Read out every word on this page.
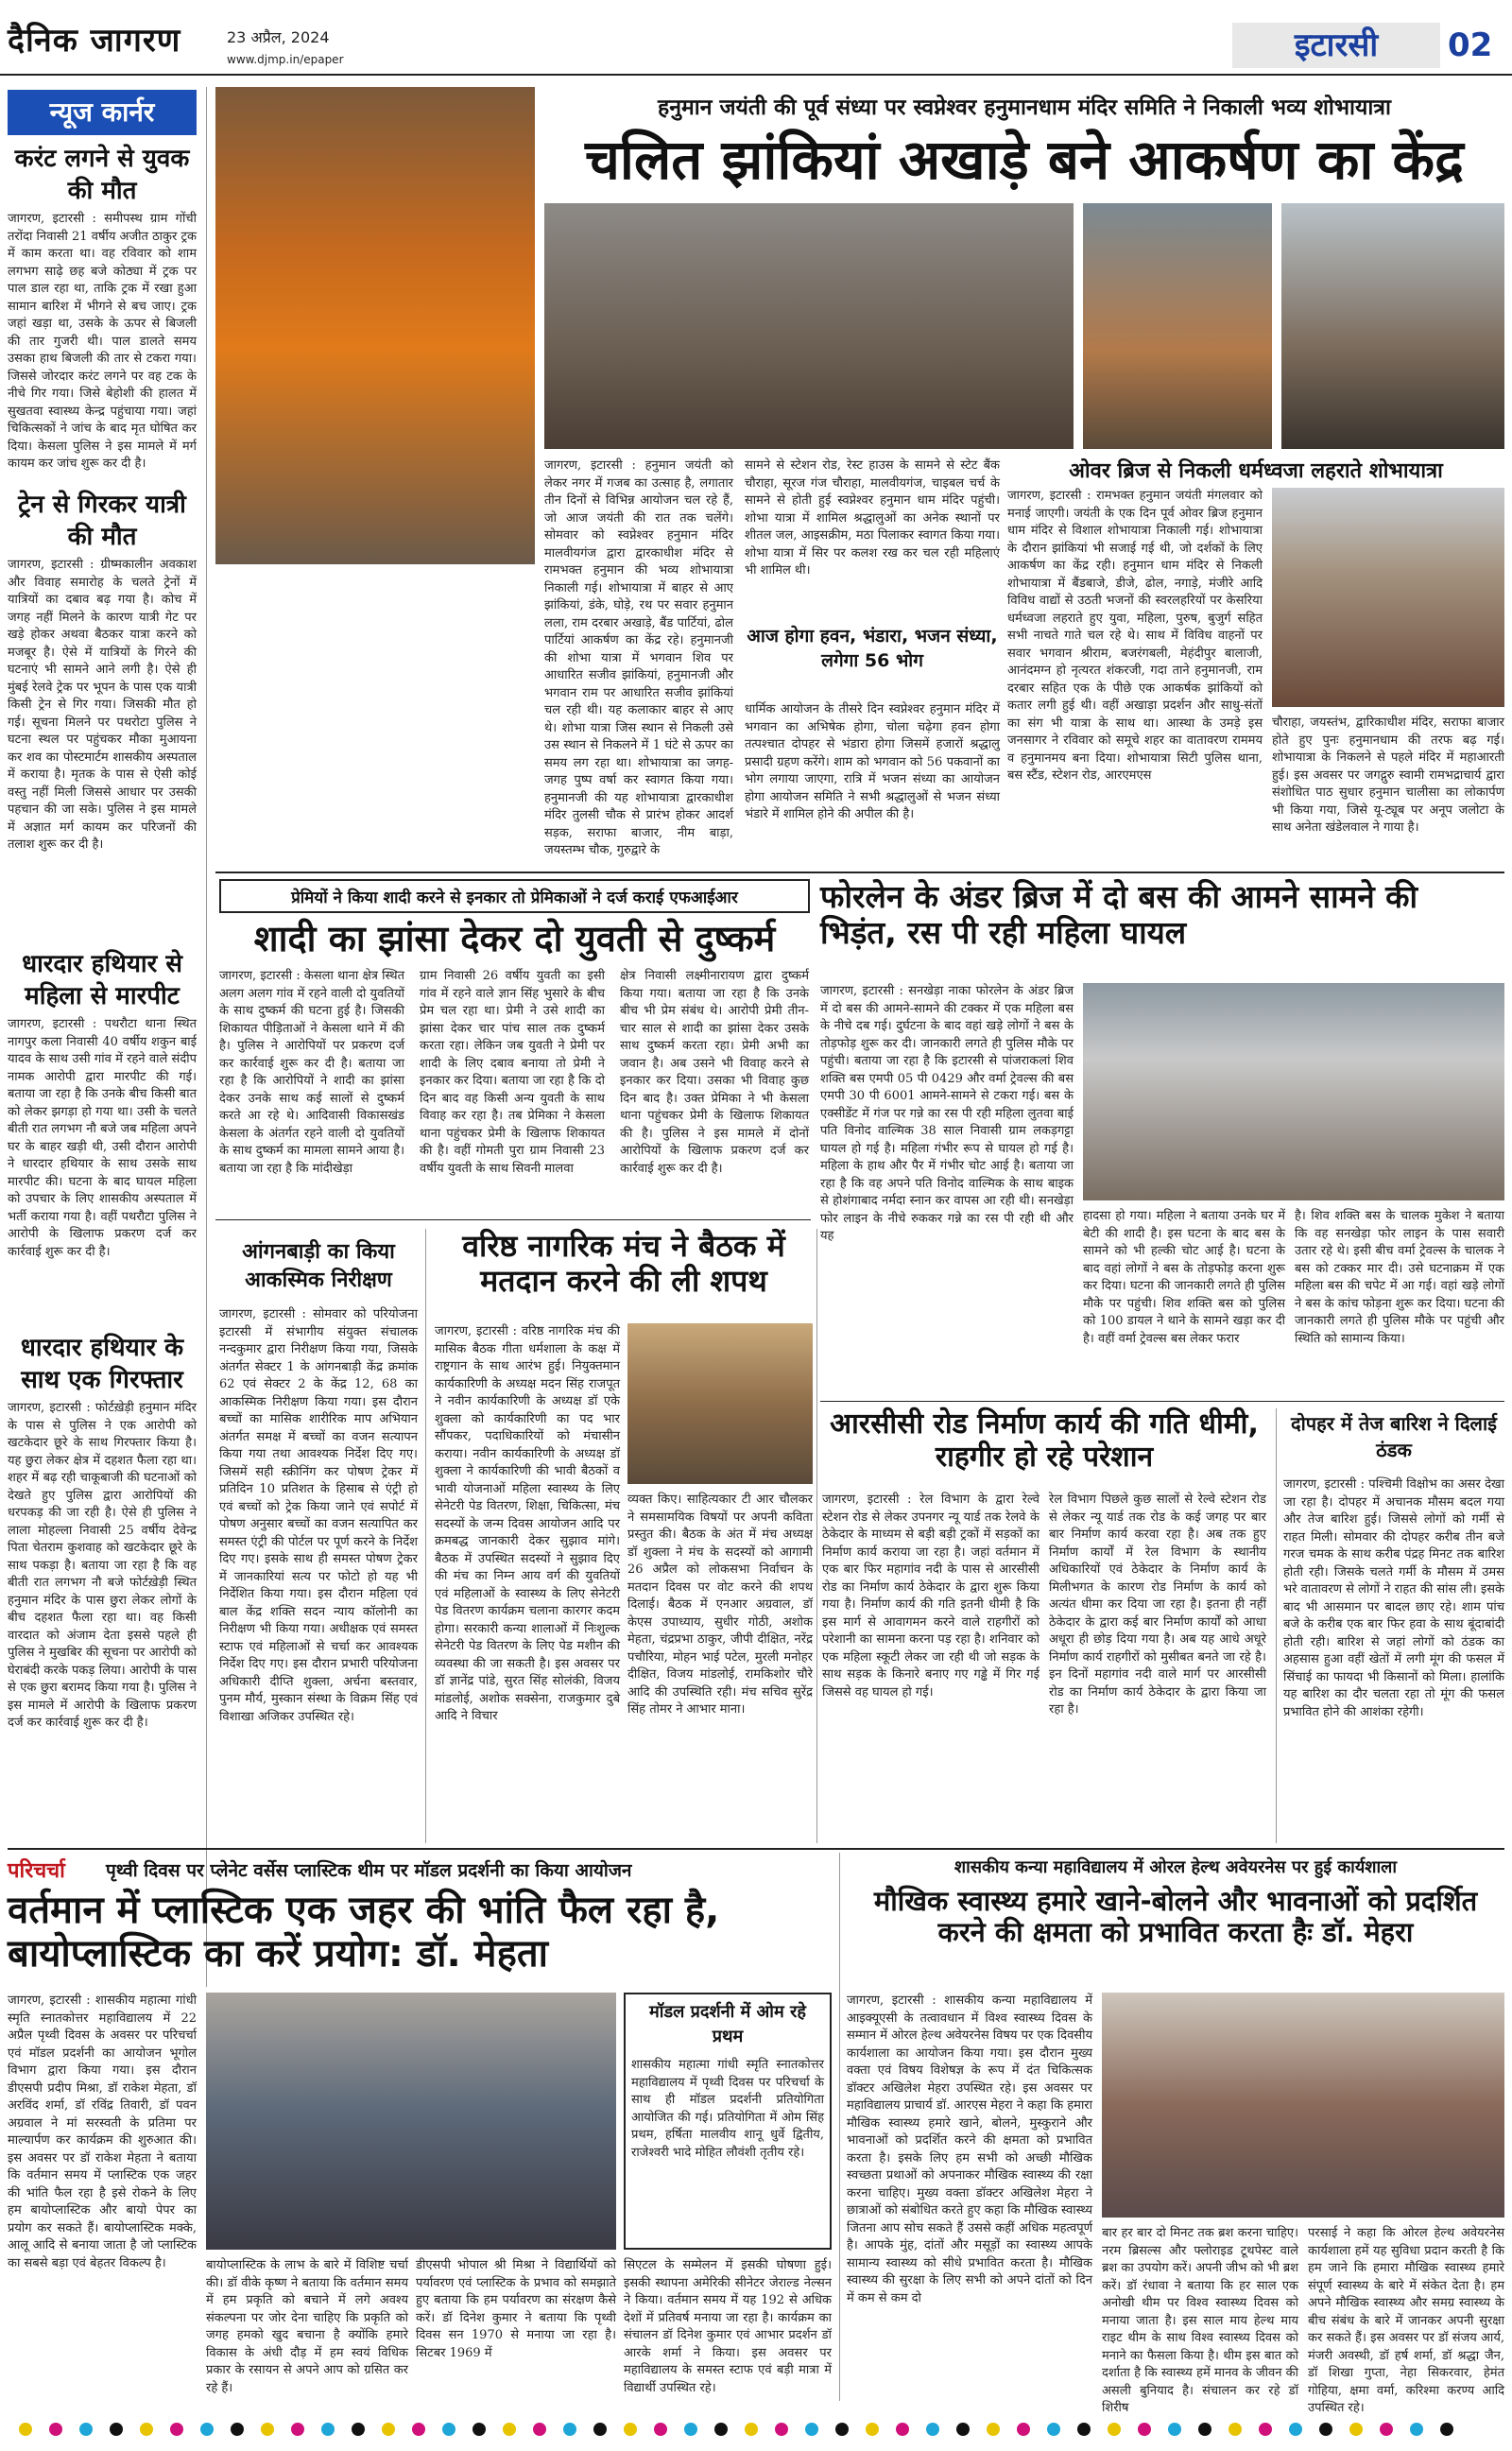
दैनिक जागरण	23 अप्रैल, 2024
www.djmp.in/epaper	इटारसी	02
न्यूज कार्नर
करंट लगने से युवक की मौत
जागरण, इटारसी : समीपस्थ ग्राम गोंची तरोंदा निवासी 21 वर्षीय अजीत ठाकुर ट्रक में काम करता था। वह रविवार को शाम लगभग साढ़े छह बजे कोठ्या में ट्रक पर पाल डाल रहा था, ताकि ट्रक में रखा हुआ सामान बारिश में भीगने से बच जाए। ट्रक जहां खड़ा था, उसके के ऊपर से बिजली की तार गुजरी थी। पाल डालते समय उसका हाथ बिजली की तार से टकरा गया। जिससे जोरदार करंट लगने पर वह टक के नीचे गिर गया। जिसे बेहोशी की हालत में सुखतवा स्वास्थ्य केन्द्र पहुंचाया गया। जहां चिकित्सकों ने जांच के बाद मृत घोषित कर दिया। केसला पुलिस ने इस मामले में मर्ग कायम कर जांच शुरू कर दी है।
ट्रेन से गिरकर यात्री की मौत
जागरण, इटारसी : ग्रीष्मकालीन अवकाश और विवाह समारोह के चलते ट्रेनों में यात्रियों का दबाव बढ़ गया है। कोच में जगह नहीं मिलने के कारण यात्री गेट पर खड़े होकर अथवा बैठकर यात्रा करने को मजबूर है। ऐसे में यात्रियों के गिरने की घटनाएं भी सामने आने लगी है। ऐसे ही मुंबई रेलवे ट्रेक पर भूपन के पास एक यात्री किसी ट्रेन से गिर गया। जिसकी मौत हो गई। सूचना मिलने पर पथरोटा पुलिस ने घटना स्थल पर पहुंचकर मौका मुआयना कर शव का पोस्टमार्टम शासकीय अस्पताल में कराया है। मृतक के पास से ऐसी कोई वस्तु नहीं मिली जिससे आधार पर उसकी पहचान की जा सके। पुलिस ने इस मामले में अज्ञात मर्ग कायम कर परिजनों की तलाश शुरू कर दी है।
धारदार हथियार से महिला से मारपीट
जागरण, इटारसी : पथरौटा थाना स्थित नागपुर कला निवासी 40 वर्षीय शकुन बाई यादव के साथ उसी गांव में रहने वाले संदीप नामक आरोपी द्वारा मारपीट की गई। बताया जा रहा है कि उनके बीच किसी बात को लेकर झगड़ा हो गया था। उसी के चलते बीती रात लगभग नौ बजे जब महिला अपने घर के बाहर खड़ी थी, उसी दौरान आरोपी ने धारदार हथियार के साथ उसके साथ मारपीट की। घटना के बाद घायल महिला को उपचार के लिए शासकीय अस्पताल में भर्ती कराया गया है। वहीं पथरौटा पुलिस ने आरोपी के खिलाफ प्रकरण दर्ज कर कार्रवाई शुरू कर दी है।
धारदार हथियार के साथ एक गिरफ्तार
जागरण, इटारसी : फोर्टख़ेड़ी हनुमान मंदिर के पास से पुलिस ने एक आरोपी को खटकेदार छूरे के साथ गिरफ्तार किया है। यह छुरा लेकर क्षेत्र में दहशत फैला रहा था। शहर में बढ़ रही चाकूबाजी की घटनाओं को देखते हुए पुलिस द्वारा आरोपियों की धरपकड़ की जा रही है। ऐसे ही पुलिस ने लाला मोहल्ला निवासी 25 वर्षीय देवेन्द्र पिता चेतराम कुशवाह को खटकेदार छूरे के साथ पकड़ा है। बताया जा रहा है कि वह बीती रात लगभग नौ बजे फोर्टख़ेड़ी स्थित हनुमान मंदिर के पास छुरा लेकर लोगों के बीच दहशत फैला रहा था। वह किसी वारदात को अंजाम देता इससे पहले ही पुलिस ने मुखबिर की सूचना पर आरोपी को घेराबंदी करके पकड़ लिया। आरोपी के पास से एक छुरा बरामद किया गया है। पुलिस ने इस मामले में आरोपी के खिलाफ प्रकरण दर्ज कर कार्रवाई शुरू कर दी है।
हनुमान जयंती की पूर्व संध्या पर स्वप्नेश्वर हनुमानधाम मंदिर समिति ने निकाली भव्य शोभायात्रा
चलित झांकियां अखाड़े बने आकर्षण का केंद्र
जागरण, इटारसी : हनुमान जयंती को लेकर नगर में गजब का उत्साह है, लगातार तीन दिनों से विभिन्न आयोजन चल रहे हैं, जो आज जयंती की रात तक चलेंगे। सोमवार को स्वप्नेश्वर हनुमान मंदिर मालवीयगंज द्वारा द्वारकाधीश मंदिर से रामभक्त हनुमान की भव्य शोभायात्रा निकाली गई। शोभायात्रा में बाहर से आए झांकियां, डंके, घोड़े, रथ पर सवार हनुमान लला, राम दरबार अखाड़े, बैंड पार्टियां, ढोल पार्टियां आकर्षण का केंद्र रहे। हनुमानजी की शोभा यात्रा में भगवान शिव पर आधारित सजीव झांकियां, हनुमानजी और भगवान राम पर आधारित सजीव झांकियां चल रही थी। यह कलाकार बाहर से आए थे। शोभा यात्रा जिस स्थान से निकली उसे उस स्थान से निकलने में 1 घंटे से ऊपर का समय लग रहा था। शोभायात्रा का जगह-जगह पुष्प वर्षा कर स्वागत किया गया। हनुमानजी की यह शोभायात्रा द्वारकाधीश मंदिर तुलसी चौक से प्रारंभ होकर आदर्श सड़क, सराफा बाजार, नीम बाड़ा, जयस्तम्भ चौक, गुरुद्वारे के
सामने से स्टेशन रोड, रेस्ट हाउस के सामने से स्टेट बैंक चौराहा, सूरज गंज चौराहा, मालवीयगंज, चाइबल चर्च के सामने से होती हुई स्वप्नेश्वर हनुमान धाम मंदिर पहुंची। शोभा यात्रा में शामिल श्रद्धालुओं का अनेक स्थानों पर शीतल जल, आइसक्रीम, मठा पिलाकर स्वागत किया गया। शोभा यात्रा में सिर पर कलश रख कर चल रही महिलाएं भी शामिल थी।
आज होगा हवन, भंडारा, भजन संध्या, लगेगा 56 भोग
धार्मिक आयोजन के तीसरे दिन स्वप्नेश्वर हनुमान मंदिर में भगवान का अभिषेक होगा, चोला चढ़ेगा हवन होगा तत्पश्चात दोपहर से भंडारा होगा जिसमें हजारों श्रद्धालु प्रसादी ग्रहण करेंगे। शाम को भगवान को 56 पकवानों का भोग लगाया जाएगा, रात्रि में भजन संध्या का आयोजन होगा आयोजन समिति ने सभी श्रद्धालुओं से भजन संध्या भंडारे में शामिल होने की अपील की है।
ओवर ब्रिज से निकली धर्मध्वजा लहराते शोभायात्रा
जागरण, इटारसी : रामभक्त हनुमान जयंती मंगलवार को मनाई जाएगी। जयंती के एक दिन पूर्व ओवर ब्रिज हनुमान धाम मंदिर से विशाल शोभायात्रा निकाली गई। शोभायात्रा के दौरान झांकियां भी सजाई गई थी, जो दर्शकों के लिए आकर्षण का केंद्र रही। हनुमान धाम मंदिर से निकली शोभायात्रा में बैंडबाजे, डीजे, ढोल, नगाड़े, मंजीरे आदि विविध वाद्यों से उठती भजनों की स्वरलहरियों पर केसरिया धर्मध्वजा लहराते हुए युवा, महिला, पुरुष, बुजुर्ग सहित सभी नाचते गाते चल रहे थे। साथ में विविध वाहनों पर सवार भगवान श्रीराम, बजरंगबली, मेहंदीपुर बालाजी, आनंदमग्न हो नृत्यरत शंकरजी, गदा ताने हनुमानजी, राम दरबार सहित एक के पीछे एक आकर्षक झांकियों को कतार लगी हुई थी। वहीं अखाड़ा प्रदर्शन और साधु-संतों का संग भी यात्रा के साथ था। आस्था के उमड़े इस जनसागर ने रविवार को समूचे शहर का वातावरण राममय व हनुमानमय बना दिया। शोभायात्रा सिटी पुलिस थाना, बस स्टैंड, स्टेशन रोड, आरएमएस
चौराहा, जयस्तंभ, द्वारिकाधीश मंदिर, सराफा बाजार होते हुए पुनः हनुमानधाम की तरफ बढ़ गई। शोभायात्रा के निकलने से पहले मंदिर में महाआरती हुई। इस अवसर पर जगद्गुरु स्वामी रामभद्राचार्य द्वारा संशोधित पाठ सुधार हनुमान चालीसा का लोकार्पण भी किया गया, जिसे यू-ट्यूब पर अनूप जलोटा के साथ अनेता खंडेलवाल ने गाया है।
प्रेमियों ने किया शादी करने से इनकार तो प्रेमिकाओं ने दर्ज कराई एफआईआर
शादी का झांसा देकर दो युवती से दुष्कर्म
जागरण, इटारसी : केसला थाना क्षेत्र स्थित अलग अलग गांव में रहने वाली दो युवतियों के साथ दुष्कर्म की घटना हुई है। जिसकी शिकायत पीड़िताओं ने केसला थाने में की है। पुलिस ने आरोपियों पर प्रकरण दर्ज कर कार्रवाई शुरू कर दी है। बताया जा रहा है कि आरोपियों ने शादी का झांसा देकर उनके साथ कई सालों से दुष्कर्म करते आ रहे थे। आदिवासी विकासखंड केसला के अंतर्गत रहने वाली दो युवतियों के साथ दुष्कर्म का मामला सामने आया है। बताया जा रहा है कि मांदीखेड़ा
ग्राम निवासी 26 वर्षीय युवती का इसी गांव में रहने वाले ज्ञान सिंह भुसारे के बीच प्रेम चल रहा था। प्रेमी ने उसे शादी का झांसा देकर चार पांच साल तक दुष्कर्म करता रहा। लेकिन जब युवती ने प्रेमी पर शादी के लिए दबाव बनाया तो प्रेमी ने इनकार कर दिया। बताया जा रहा है कि दो दिन बाद वह किसी अन्य युवती के साथ विवाह कर रहा है। तब प्रेमिका ने केसला थाना पहुंचकर प्रेमी के खिलाफ शिकायत की है। वहीं गोमती पुरा ग्राम निवासी 23 वर्षीय युवती के साथ सिवनी मालवा
क्षेत्र निवासी लक्ष्मीनारायण द्वारा दुष्कर्म किया गया। बताया जा रहा है कि उनके बीच भी प्रेम संबंध थे। आरोपी प्रेमी तीन-चार साल से शादी का झांसा देकर उसके साथ दुष्कर्म करता रहा। प्रेमी अभी का जवान है। अब उसने भी विवाह करने से इनकार कर दिया। उसका भी विवाह कुछ दिन बाद है। उक्त प्रेमिका ने भी केसला थाना पहुंचकर प्रेमी के खिलाफ शिकायत की है। पुलिस ने इस मामले में दोनों आरोपियों के खिलाफ प्रकरण दर्ज कर कार्रवाई शुरू कर दी है।
फोरलेन के अंडर ब्रिज में दो बस की आमने सामने की भिड़ंत, रस पी रही महिला घायल
जागरण, इटारसी : सनखेड़ा नाका फोरलेन के अंडर ब्रिज में दो बस की आमने-सामने की टक्कर में एक महिला बस के नीचे दब गई। दुर्घटना के बाद वहां खड़े लोगों ने बस के तोड़फोड़ शुरू कर दी। जानकारी लगते ही पुलिस मौके पर पहुंची। बताया जा रहा है कि इटारसी से पांजराकलां शिव शक्ति बस एमपी 05 पी 0429 और वर्मा ट्रेवल्स की बस एमपी 30 पी 6001 आमने-सामने से टकरा गई। बस के एक्सीडेंट में गंज पर गन्ने का रस पी रही महिला लुतवा बाई पति विनोद वाल्मिक 38 साल निवासी ग्राम लकड़गट्टा घायल हो गई है। महिला गंभीर रूप से घायल हो गई है। महिला के हाथ और पैर में गंभीर चोट आई है। बताया जा रहा है कि वह अपने पति विनोद वाल्मिक के साथ बाइक से होशंगाबाद नर्मदा स्नान कर वापस आ रही थी। सनखेड़ा फोर लाइन के नीचे रुककर गन्ने का रस पी रही थी और यह
हादसा हो गया। महिला ने बताया उनके घर में बेटी की शादी है। इस घटना के बाद बस के सामने को भी हल्की चोट आई है। घटना के बाद वहां लोगों ने बस के तोड़फोड़ करना शुरू कर दिया। घटना की जानकारी लगते ही पुलिस मौके पर पहुंची। शिव शक्ति बस को पुलिस को 100 डायल ने थाने के सामने खड़ा कर दी है। वहीं वर्मा ट्रेवल्स बस लेकर फरार
है। शिव शक्ति बस के चालक मुकेश ने बताया कि वह सनखेड़ा फोर लाइन के पास सवारी उतार रहे थे। इसी बीच वर्मा ट्रेवल्स के चालक ने बस को टक्कर मार दी। उसे घटनाक्रम में एक महिला बस की चपेट में आ गई। वहां खड़े लोगों ने बस के कांच फोड़ना शुरू कर दिया। घटना की जानकारी लगते ही पुलिस मौके पर पहुंची और स्थिति को सामान्य किया।
आंगनबाड़ी का किया आकस्मिक निरीक्षण
जागरण, इटारसी : सोमवार को परियोजना इटारसी में संभागीय संयुक्त संचालक नन्दकुमार द्वारा निरीक्षण किया गया, जिसके अंतर्गत सेक्टर 1 के आंगनबाड़ी केंद्र क्रमांक 62 एवं सेक्टर 2 के केंद्र 12, 68 का आकस्मिक निरीक्षण किया गया। इस दौरान बच्चों का मासिक शारीरिक माप अभियान अंतर्गत समक्ष में बच्चों का वजन सत्यापन किया गया तथा आवश्यक निर्देश दिए गए। जिसमें सही स्क्रीनिंग कर पोषण ट्रेकर में प्रतिदिन 10 प्रतिशत के हिसाब से एंट्री हो एवं बच्चों को ट्रेक किया जाने एवं सपोर्ट में पोषण अनुसार बच्चों का वजन सत्यापित कर समस्त एंट्री की पोर्टल पर पूर्ण करने के निर्देश दिए गए। इसके साथ ही समस्त पोषण ट्रेकर में जानकारियां सत्य पर फोटो हो यह भी निर्देशित किया गया। इस दौरान महिला एवं बाल केंद्र शक्ति सदन न्याय कॉलोनी का निरीक्षण भी किया गया। अधीक्षक एवं समस्त स्टाफ एवं महिलाओं से चर्चा कर आवश्यक निर्देश दिए गए। इस दौरान प्रभारी परियोजना अधिकारी दीप्ति शुक्ला, अर्चना बस्तवार, पुनम मौर्य, मुस्कान संस्था के विक्रम सिंह एवं विशाखा अजिकर उपस्थित रहे।
वरिष्ठ नागरिक मंच ने बैठक में मतदान करने की ली शपथ
जागरण, इटारसी : वरिष्ठ नागरिक मंच की मासिक बैठक गीता धर्मशाला के कक्ष में राष्ट्रगान के साथ आरंभ हुई। नियुक्तमान कार्यकारिणी के अध्यक्ष मदन सिंह राजपूत ने नवीन कार्यकारिणी के अध्यक्ष डॉ एके शुक्ला को कार्यकारिणी का पद भार सौंपकर, पदाधिकारियों को मंचासीन कराया। नवीन कार्यकारिणी के अध्यक्ष डॉ शुक्ला ने कार्यकारिणी की भावी बैठकों व भावी योजनाओं महिला स्वास्थ्य के लिए सेनेटरी पेड वितरण, शिक्षा, चिकित्सा, मंच सदस्यों के जन्म दिवस आयोजन आदि पर क्रमबद्ध जानकारी देकर सुझाव मांगे। बैठक में उपस्थित सदस्यों ने सुझाव दिए की मंच का निम्न आय वर्ग की युवतियों एवं महिलाओं के स्वास्थ्य के लिए सेनेटरी पेड वितरण कार्यक्रम चलाना कारगर कदम होगा। सरकारी कन्या शालाओं में निःशुल्क सेनेटरी पेड वितरण के लिए पेड मशीन की व्यवस्था की जा सकती है। इस अवसर पर डॉ ज्ञानेंद्र पांडे, सुरत सिंह सोलंकी, विजय मांडलोई, अशोक सक्सेना, राजकुमार दुबे आदि ने विचार
व्यक्त किए। साहित्यकार टी आर चौलकर ने समसामयिक विषयों पर अपनी कविता प्रस्तुत की। बैठक के अंत में मंच अध्यक्ष डॉ शुक्ला ने मंच के सदस्यों को आगामी 26 अप्रैल को लोकसभा निर्वाचन के मतदान दिवस पर वोट करने की शपथ दिलाई। बैठक में एनआर अग्रवाल, डॉ केएस उपाध्याय, सुधीर गोठी, अशोक मेहता, चंद्रप्रभा ठाकुर, जीपी दीक्षित, नरेंद्र पचौरिया, मोहन भाई पटेल, मुरली मनोहर दीक्षित, विजय मांडलोई, रामकिशोर चौरे आदि की उपस्थिति रही। मंच सचिव सुरेंद्र सिंह तोमर ने आभार माना।
आरसीसी रोड निर्माण कार्य की गति धीमी, राहगीर हो रहे परेशान
जागरण, इटारसी : रेल विभाग के द्वारा रेल्वे स्टेशन रोड से लेकर उपनगर न्यू यार्ड तक रेलवे के ठेकेदार के माध्यम से बड़ी बड़ी ट्रकों में सड़कों का निर्माण कार्य कराया जा रहा है। जहां वर्तमान में एक बार फिर महागांव नदी के पास से आरसीसी रोड का निर्माण कार्य ठेकेदार के द्वारा शुरू किया गया है। निर्माण कार्य की गति इतनी धीमी है कि इस मार्ग से आवागमन करने वाले राहगीरों को परेशानी का सामना करना पड़ रहा है। शनिवार को एक महिला स्कूटी लेकर जा रही थी जो सड़क के साथ सड़क के किनारे बनाए गए गड्ढे में गिर गई जिससे वह घायल हो गई।
रेल विभाग पिछले कुछ सालों से रेल्वे स्टेशन रोड से लेकर न्यू यार्ड तक रोड के कई जगह पर बार बार निर्माण कार्य करवा रहा है। अब तक हुए निर्माण कार्यों में रेल विभाग के स्थानीय अधिकारियों एवं ठेकेदार के निर्माण कार्य के मिलीभगत के कारण रोड निर्माण के कार्य को अत्यंत धीमा कर दिया जा रहा है। इतना ही नहीं ठेकेदार के द्वारा कई बार निर्माण कार्यों को आधा अधूरा ही छोड़ दिया गया है। अब यह आधे अधूरे निर्माण कार्य राहगीरों को मुसीबत बनते जा रहे है। इन दिनों महागांव नदी वाले मार्ग पर आरसीसी रोड का निर्माण कार्य ठेकेदार के द्वारा किया जा रहा है।
दोपहर में तेज बारिश ने दिलाई ठंडक
जागरण, इटारसी : पश्चिमी विक्षोभ का असर देखा जा रहा है। दोपहर में अचानक मौसम बदल गया और तेज बारिश हुई। जिससे लोगों को गर्मी से राहत मिली। सोमवार की दोपहर करीब तीन बजे गरज चमक के साथ करीब पंद्रह मिनट तक बारिश होती रही। जिसके चलते गर्मी के मौसम में उमस भरे वातावरण से लोगों ने राहत की सांस ली। इसके बाद भी आसमान पर बादल छाए रहे। शाम पांच बजे के करीब एक बार फिर हवा के साथ बूंदाबांदी होती रही। बारिश से जहां लोगों को ठंडक का अहसास हुआ वहीं खेतों में लगी मूंग की फसल में सिंचाई का फायदा भी किसानों को मिला। हालांकि यह बारिश का दौर चलता रहा तो मूंग की फसल प्रभावित होने की आशंका रहेगी।
परिचर्चा पृथ्वी दिवस पर प्लेनेट वर्सेस प्लास्टिक थीम पर मॉडल प्रदर्शनी का किया आयोजन
वर्तमान में प्लास्टिक एक जहर की भांति फैल रहा है, बायोप्लास्टिक का करें प्रयोग: डॉ. मेहता
जागरण, इटारसी : शासकीय महात्मा गांधी स्मृति स्नातकोत्तर महाविद्यालय में 22 अप्रैल पृथ्वी दिवस के अवसर पर परिचर्चा एवं मॉडल प्रदर्शनी का आयोजन भूगोल विभाग द्वारा किया गया। इस दौरान डीएसपी प्रदीप मिश्रा, डॉ राकेश मेहता, डॉ अरविंद शर्मा, डॉ रविंद्र तिवारी, डॉ पवन अग्रवाल ने मां सरस्वती के प्रतिमा पर माल्यार्पण कर कार्यक्रम की शुरुआत की। इस अवसर पर डॉ राकेश मेहता ने बताया कि वर्तमान समय में प्लास्टिक एक जहर की भांति फैल रहा है इसे रोकने के लिए हम बायोप्लास्टिक और बायो पेपर का प्रयोग कर सकते हैं। बायोप्लास्टिक मक्के, आलू आदि से बनाया जाता है जो प्लास्टिक का सबसे बड़ा एवं बेहतर विकल्प है।
मॉडल प्रदर्शनी में ओम रहे प्रथम
शासकीय महात्मा गांधी स्मृति स्नातकोत्तर महाविद्यालय में पृथ्वी दिवस पर परिचर्चा के साथ ही मॉडल प्रदर्शनी प्रतियोगिता आयोजित की गई। प्रतियोगिता में ओम सिंह प्रथम, हर्षिता मालवीय शानू धुर्वे द्वितीय, राजेश्वरी भादे मोहित लौवंशी तृतीय रहे।
बायोप्लास्टिक के लाभ के बारे में विशिष्ट चर्चा की। डॉ वीके कृष्ण ने बताया कि वर्तमान समय में हम प्रकृति को बचाने में लगे अवश्य संकल्पना पर जोर देना चाहिए कि प्रकृति को जगह हमको खुद बचाना है क्योंकि हमारे विकास के अंधी दौड़ में हम स्वयं विधिक प्रकार के रसायन से अपने आप को ग्रसित कर रहे हैं।
डीएसपी भोपाल श्री मिश्रा ने विद्यार्थियों को पर्यावरण एवं प्लास्टिक के प्रभाव को समझाते हुए बताया कि हम पर्यावरण का संरक्षण कैसे करें। डॉ दिनेश कुमार ने बताया कि पृथ्वी दिवस सन 1970 से मनाया जा रहा है। सिटबर 1969 में
सिएटल के सम्मेलन में इसकी घोषणा हुई। इसकी स्थापना अमेरिकी सीनेटर जेराल्ड नेल्सन ने किया। वर्तमान समय में यह 192 से अधिक देशों में प्रतिवर्ष मनाया जा रहा है। कार्यक्रम का संचालन डॉ दिनेश कुमार एवं आभार प्रदर्शन डॉ आरके शर्मा ने किया। इस अवसर पर महाविद्यालय के समस्त स्टाफ एवं बड़ी मात्रा में विद्यार्थी उपस्थित रहे।
शासकीय कन्या महाविद्यालय में ओरल हेल्थ अवेयरनेस पर हुई कार्यशाला
मौखिक स्वास्थ्य हमारे खाने-बोलने और भावनाओं को प्रदर्शित करने की क्षमता को प्रभावित करता हैः डॉ. मेहरा
जागरण, इटारसी : शासकीय कन्या महाविद्यालय में आइक्यूएसी के तत्वावधान में विश्व स्वास्थ्य दिवस के सम्मान में ओरल हेल्थ अवेयरनेस विषय पर एक दिवसीय कार्यशाला का आयोजन किया गया। इस दौरान मुख्य वक्ता एवं विषय विशेषज्ञ के रूप में दंत चिकित्सक डॉक्टर अखिलेश मेहरा उपस्थित रहे। इस अवसर पर महाविद्यालय प्राचार्य डॉ. आरएस मेहरा ने कहा कि हमारा मौखिक स्वास्थ्य हमारे खाने, बोलने, मुस्कुराने और भावनाओं को प्रदर्शित करने की क्षमता को प्रभावित करता है। इसके लिए हम सभी को अच्छी मौखिक स्वच्छता प्रथाओं को अपनाकर मौखिक स्वास्थ्य की रक्षा करना चाहिए। मुख्य वक्ता डॉक्टर अखिलेश मेहरा ने छात्राओं को संबोधित करते हुए कहा कि मौखिक स्वास्थ्य जितना आप सोच सकते हैं उससे कहीं अधिक महत्वपूर्ण है। आपके मुंह, दांतों और मसूड़ों का स्वास्थ्य आपके सामान्य स्वास्थ्य को सीधे प्रभावित करता है। मौखिक स्वास्थ्य की सुरक्षा के लिए सभी को अपने दांतों को दिन में कम से कम दो
बार हर बार दो मिनट तक ब्रश करना चाहिए। नरम ब्रिसल्स और फ्लोराइड टूथपेस्ट वाले ब्रश का उपयोग करें। अपनी जीभ को भी ब्रश करें। डॉ रंधावा ने बताया कि हर साल एक अनोखी थीम पर विश्व स्वास्थ्य दिवस को मनाया जाता है। इस साल माय हेल्थ माय राइट थीम के साथ विश्व स्वास्थ्य दिवस को मनाने का फैसला किया है। थीम इस बात को दर्शाता है कि स्वास्थ्य हमें मानव के जीवन की असली बुनियाद है। संचालन कर रहे डॉ शिरीष
परसाई ने कहा कि ओरल हेल्थ अवेयरनेस कार्यशाला हमें यह सुविधा प्रदान करती है कि हम जाने कि हमारा मौखिक स्वास्थ्य हमारे संपूर्ण स्वास्थ्य के बारे में संकेत देता है। हम अपने मौखिक स्वास्थ्य और समग्र स्वास्थ्य के बीच संबंध के बारे में जानकर अपनी सुरक्षा कर सकते हैं। इस अवसर पर डॉ संजय आर्य, मंजरी अवस्थी, डॉ हर्ष शर्मा, डॉ श्रद्धा जैन, डॉ शिखा गुप्ता, नेहा सिकरवार, हेमंत गोहिया, क्षमा वर्मा, करिश्मा करण्य आदि उपस्थित रहे।
